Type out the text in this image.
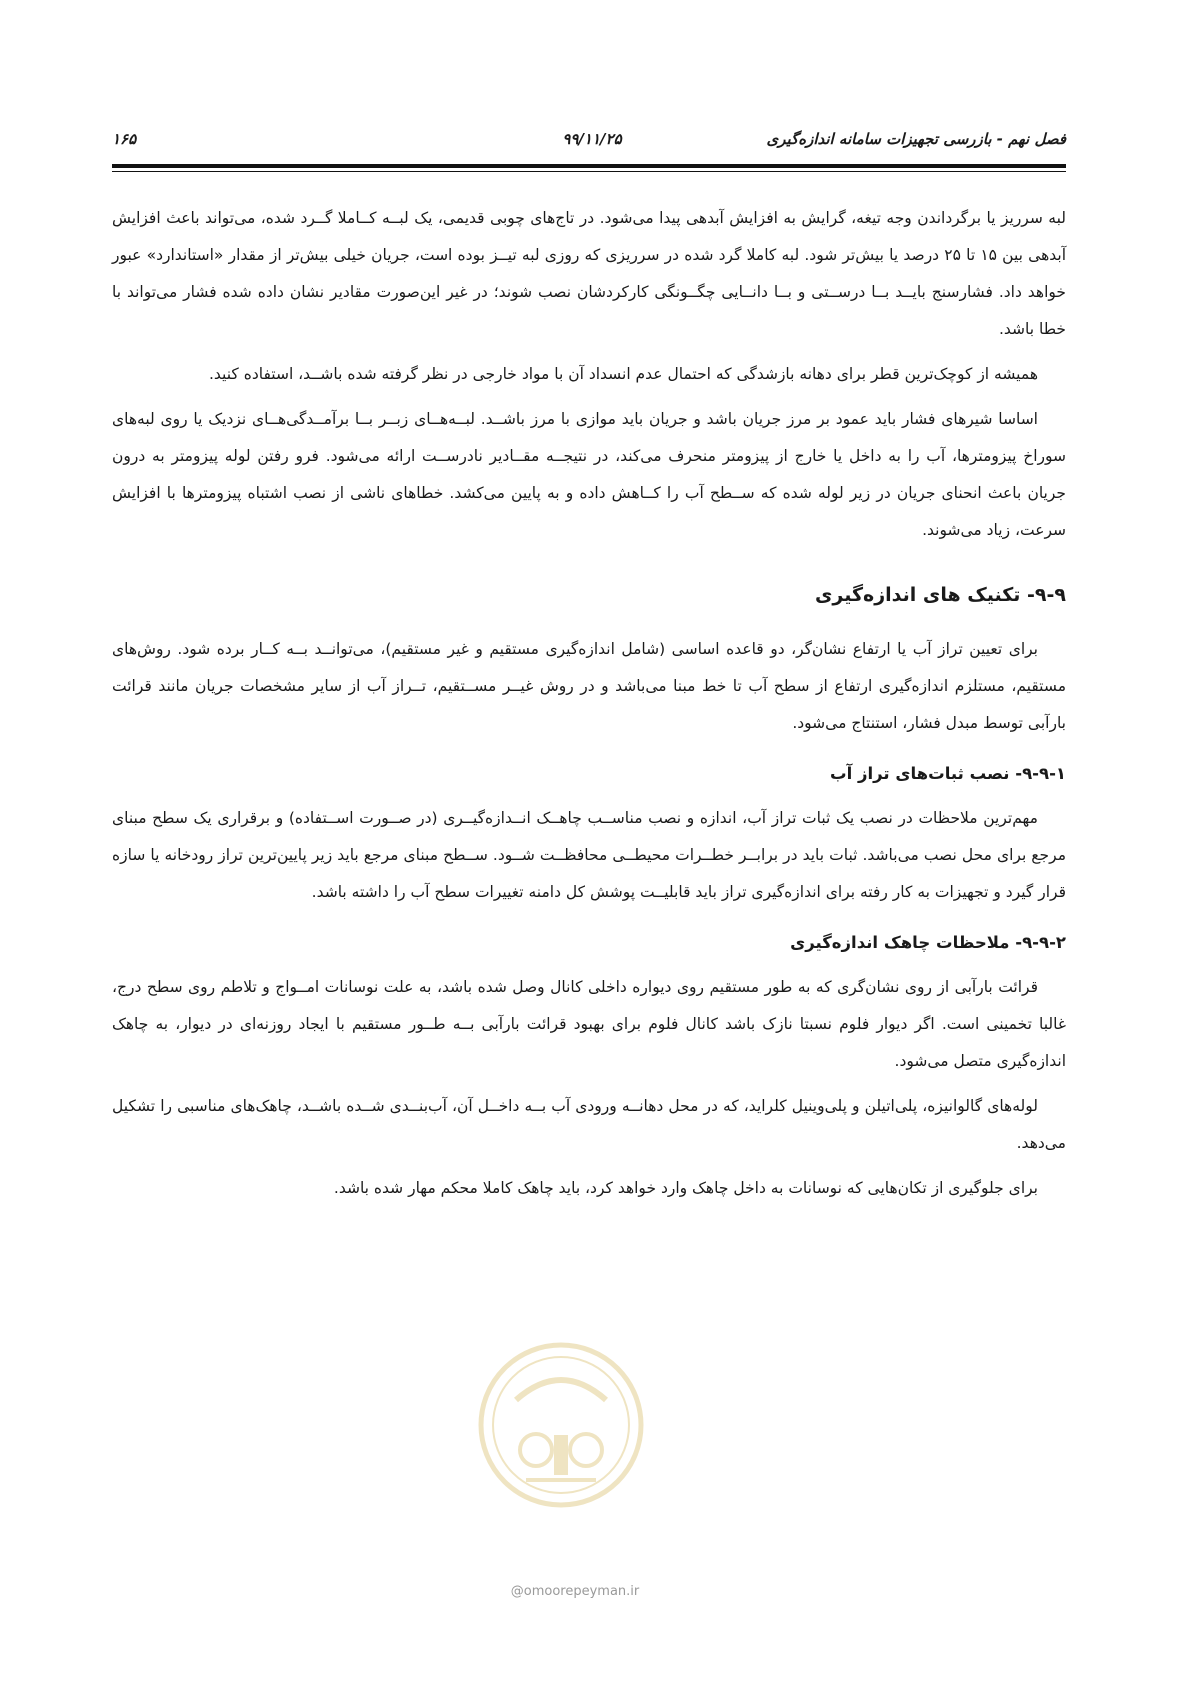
فصل نهم - بازرسی تجهیزات سامانه اندازه‌گیری
۹۹/۱۱/۲۵
۱۶۵

لبه سرریز یا برگرداندن وجه تیغه، گرایش به افزایش آبدهی پیدا می‌شود. در تاج‌های چوبی قدیمی، یک لبــه کــاملا گــرد شده، می‌تواند باعث افزایش آبدهی بین ۱۵ تا ۲۵ درصد یا بیش‌تر شود. لبه کاملا گرد شده در سرریزی که روزی لبه تیــز بوده است، جریان خیلی بیش‌تر از مقدار «استاندارد» عبور خواهد داد. فشارسنج بایــد بــا درســتی و بــا دانــایی چگــونگی کارکردشان نصب شوند؛ در غیر این‌صورت مقادیر نشان داده شده فشار می‌تواند با خطا باشد.

همیشه از کوچک‌ترین قطر برای دهانه بازشدگی که احتمال عدم انسداد آن با مواد خارجی در نظر گرفته شده باشــد، استفاده کنید.

اساسا شیرهای فشار باید عمود بر مرز جریان باشد و جریان باید موازی با مرز باشــد. لبــه‌هــای زبــر بــا برآمــدگی‌هــای نزدیک یا روی لبه‌های سوراخ پیزومترها، آب را به داخل یا خارج از پیزومتر منحرف می‌کند، در نتیجــه مقــادیر نادرســت ارائه می‌شود. فرو رفتن لوله پیزومتر به درون جریان باعث انحنای جریان در زیر لوله شده که ســطح آب را کــاهش داده و به پایین می‌کشد. خطاهای ناشی از نصب اشتباه پیزومترها با افزایش سرعت، زیاد می‌شوند.

۹-۹- تکنیک های اندازه‌گیری

برای تعیین تراز آب یا ارتفاع نشان‌گر، دو قاعده اساسی (شامل اندازه‌گیری مستقیم و غیر مستقیم)، می‌توانــد بــه کــار برده شود. روش‌های مستقیم، مستلزم اندازه‌گیری ارتفاع از سطح آب تا خط مبنا می‌باشد و در روش غیــر مســتقیم، تــراز آب از سایر مشخصات جریان مانند قرائت بارآبی توسط مبدل فشار، استنتاج می‌شود.

۹-۹-۱- نصب ثبات‌های تراز آب

مهم‌ترین ملاحظات در نصب یک ثبات تراز آب، اندازه و نصب مناســب چاهــک انــدازه‌گیــری (در صــورت اســتفاده) و برقراری یک سطح مبنای مرجع برای محل نصب می‌باشد. ثبات باید در برابــر خطــرات محیطــی محافظــت شــود. ســطح مبنای مرجع باید زیر پایین‌ترین تراز رودخانه یا سازه قرار گیرد و تجهیزات به کار رفته برای اندازه‌گیری تراز باید قابلیــت پوشش کل دامنه تغییرات سطح آب را داشته باشد.

۹-۹-۲- ملاحظات چاهک اندازه‌گیری

قرائت بارآبی از روی نشان‌گری که به طور مستقیم روی دیواره داخلی کانال وصل شده باشد، به علت نوسانات امــواج و تلاطم روی سطح درج، غالبا تخمینی است. اگر دیوار فلوم نسبتا نازک باشد کانال فلوم برای بهبود قرائت بارآبی بــه طــور مستقیم با ایجاد روزنه‌ای در دیوار، به چاهک اندازه‌گیری متصل می‌شود.

لوله‌های گالوانیزه، پلی‌اتیلن و پلی‌وینیل کلراید، که در محل دهانــه ورودی آب بــه داخــل آن، آب‌بنــدی شــده باشــد، چاهک‌های مناسبی را تشکیل می‌دهد.

برای جلوگیری از تکان‌هایی که نوسانات به داخل چاهک وارد خواهد کرد، باید چاهک کاملا محکم مهار شده باشد.

@omoorepeyman.ir
